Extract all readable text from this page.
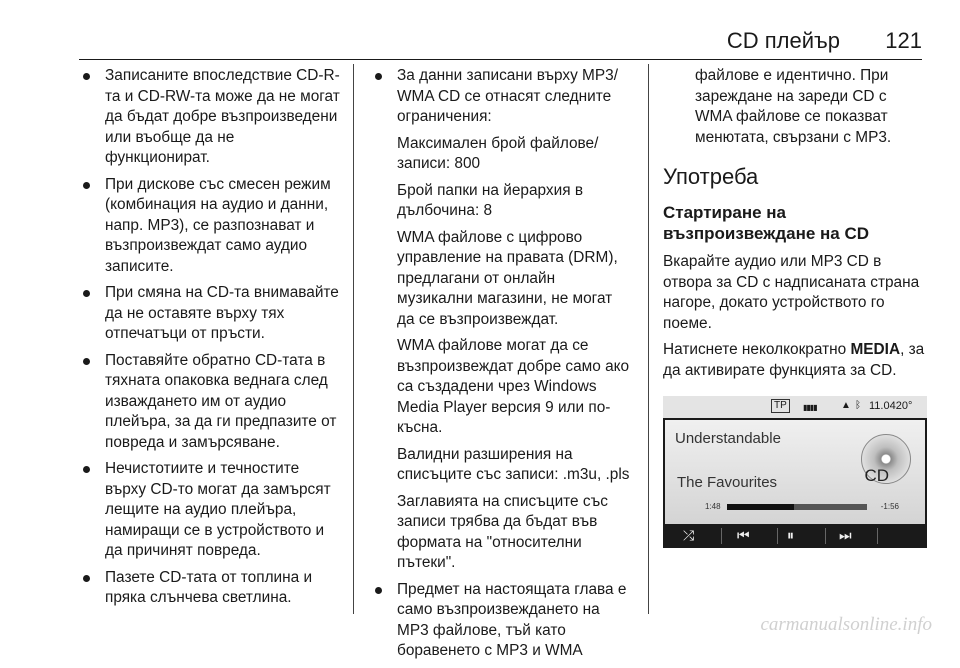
CD плейър 121
Записаните впоследствие CD-R-та и CD-RW-та може да не могат да бъдат добре възпроизведени или въобще да не функционират.
При дискове със смесен режим (комбинация на аудио и данни, напр. MP3), се разпознават и възпроизвеждат само аудио записите.
При смяна на CD-та внимавайте да не оставяте върху тях отпечатъци от пръсти.
Поставяйте обратно CD-тата в тяхната опаковка веднага след изваждането им от аудио плейъра, за да ги предпазите от повреда и замърсяване.
Нечистотиите и течностите върху CD-то могат да замърсят лещите на аудио плейъра, намиращи се в устройството и да причинят повреда.
Пазете CD-тата от топлина и пряка слънчева светлина.
За данни записани върху MP3/ WMA CD се отнасят следните ограничения:

Максимален брой файлове/ записи: 800

Брой папки на йерархия в дълбочина: 8

WMA файлове с цифрово управление на правата (DRM), предлагани от онлайн музикални магазини, не могат да се възпроизвеждат.

WMA файлове могат да се възпроизвеждат добре само ако са създадени чрез Windows Media Player версия 9 или по-късна.

Валидни разширения на списъците със записи: .m3u, .pls

Заглавията на списъците със записи трябва да бъдат във формата на "относителни пътеки".

Предмет на настоящата глава е само възпроизвеждането на MP3 файлове, тъй като боравенето с MP3 и WMA

файлове е идентично. При зареждане на зареди CD с WMA файлове се показват менютата, свързани с MP3.

Употреба
Стартиране на възпроизвеждане на CD

Вкарайте аудио или MP3 CD в отвора за CD с надписаната страна нагоре, докато устройството го поеме.

Натиснете неколкократно MEDIA, за да активирате функцията за CD.

TP	▮▮▮▮ ▲ ᛒ 11.0420°
Understandable
The Favourites	CD
1:48	-1:56
⤮	⏮	⏸	⏭
carmanualsonline.info
